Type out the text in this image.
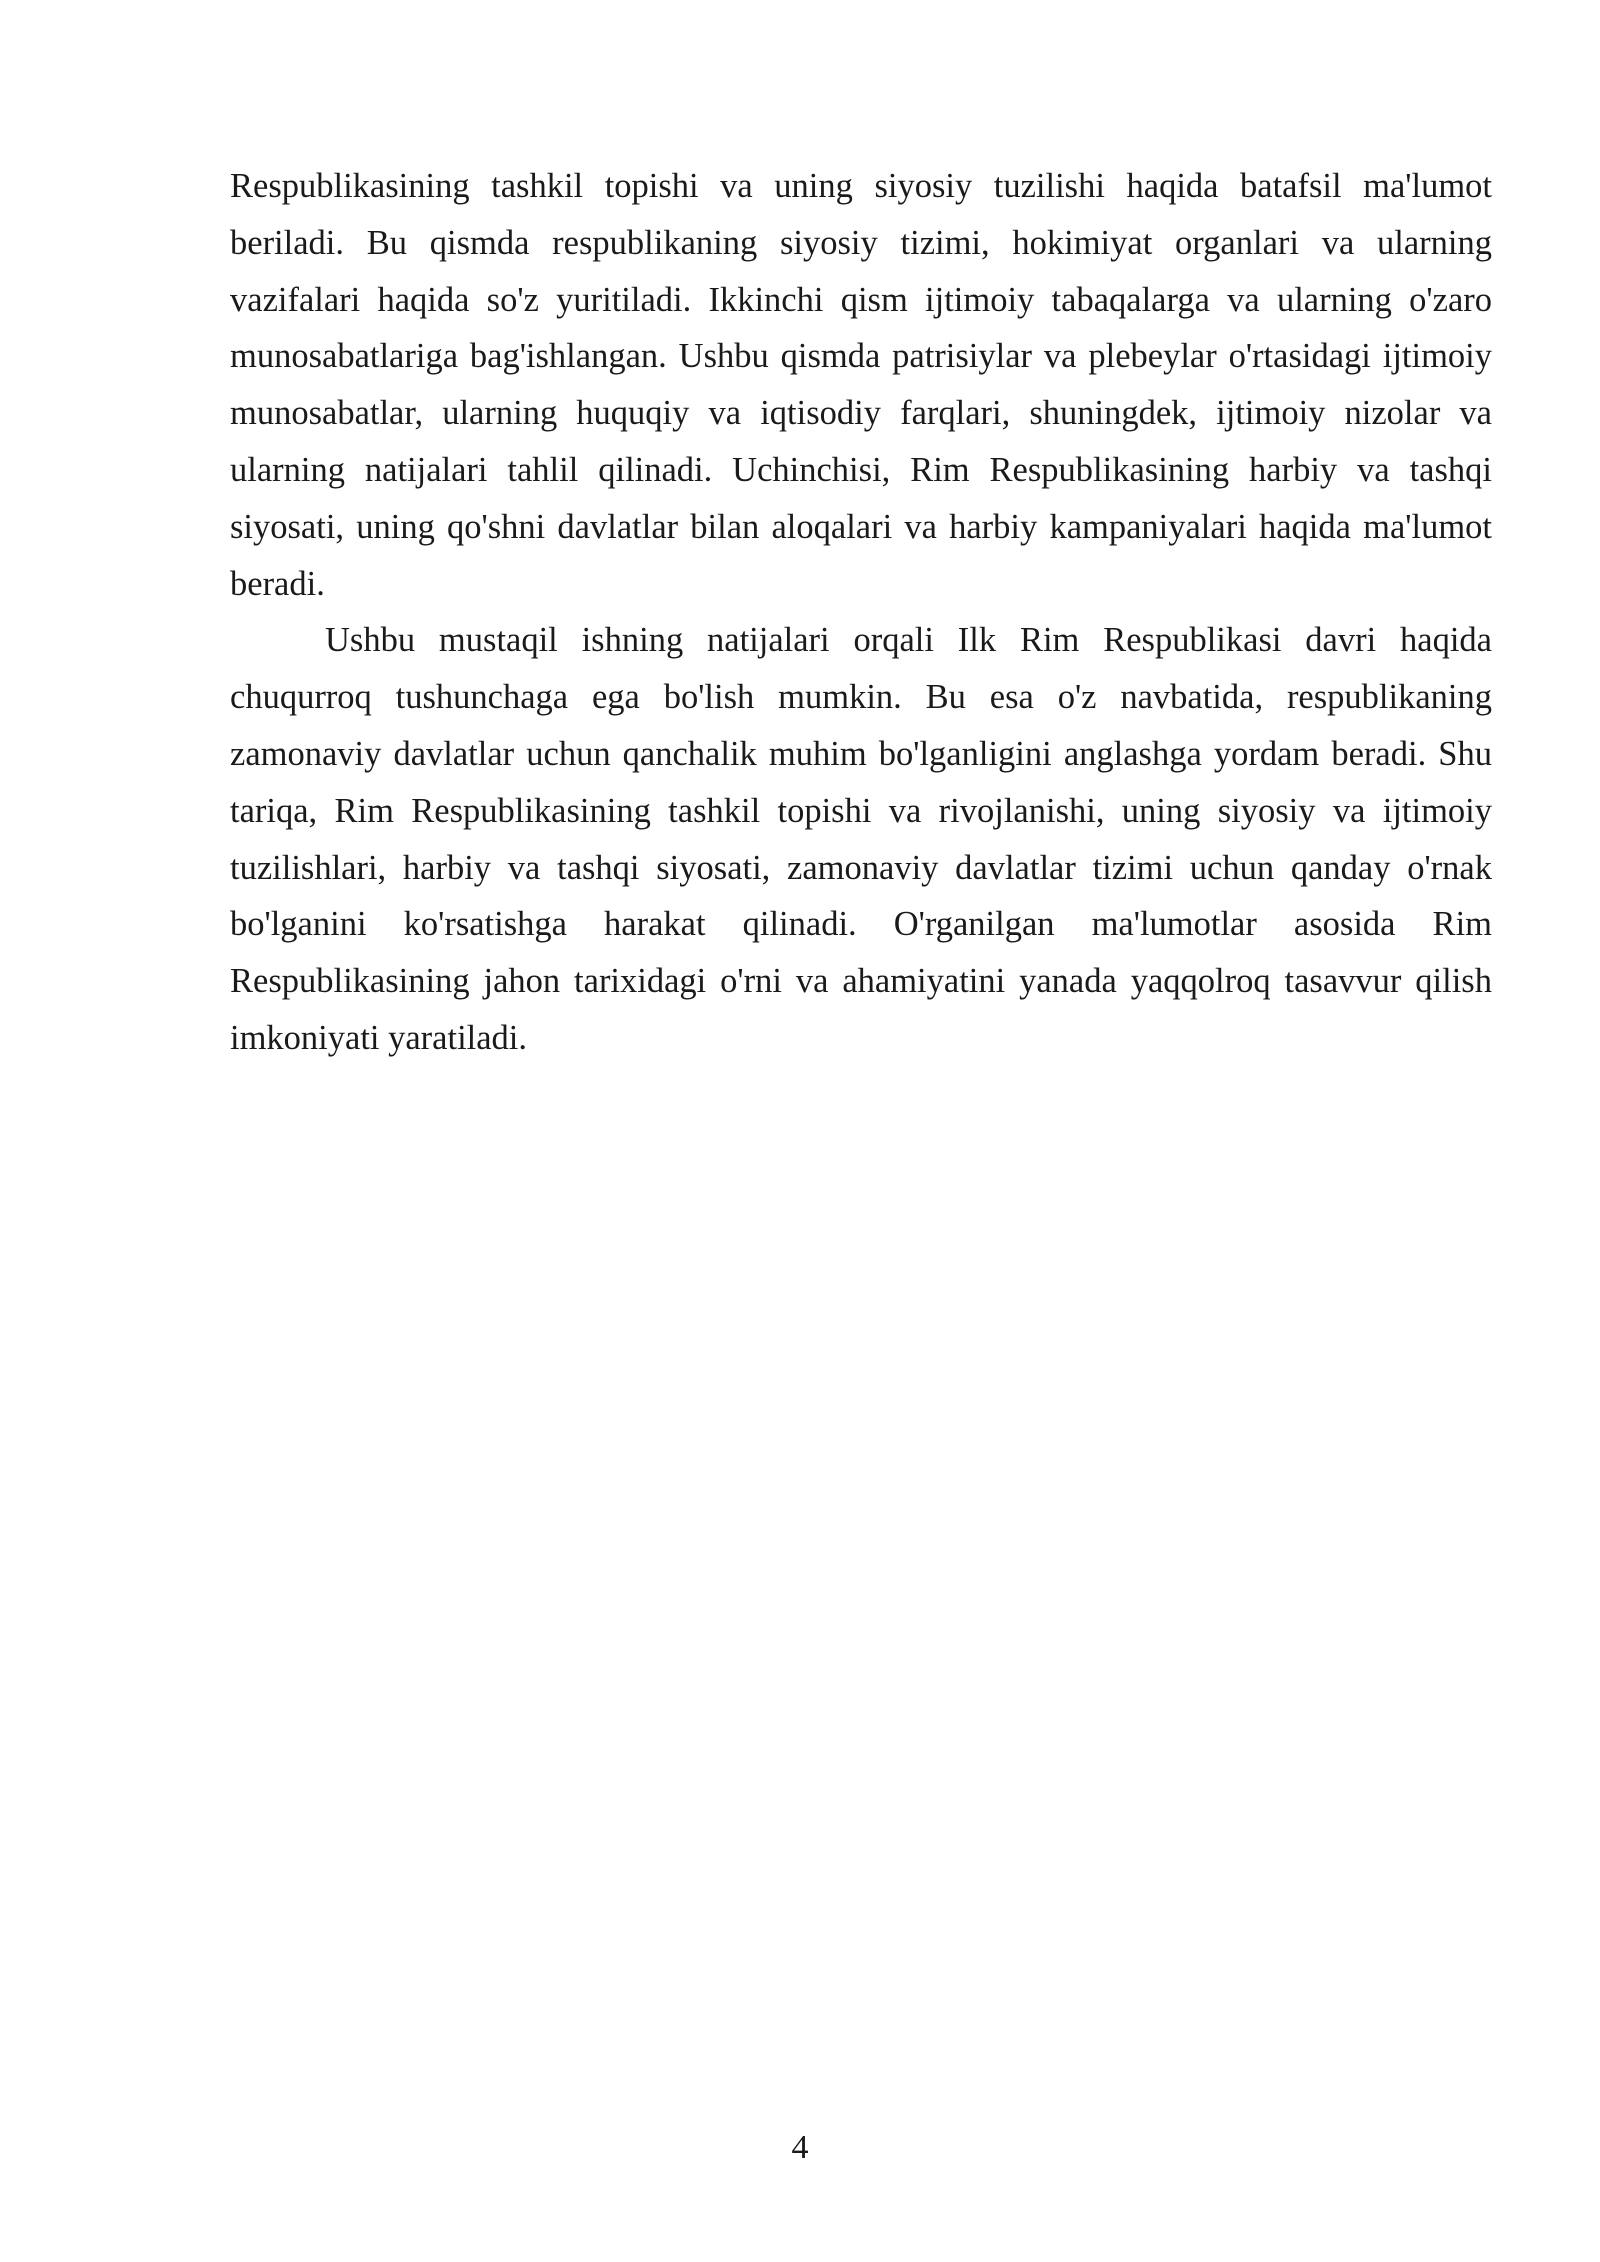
Respublikasining tashkil topishi va uning siyosiy tuzilishi haqida batafsil ma'lumot beriladi. Bu qismda respublikaning siyosiy tizimi, hokimiyat organlari va ularning vazifalari haqida so'z yuritiladi. Ikkinchi qism ijtimoiy tabaqalarga va ularning o'zaro munosabatlariga bag'ishlangan. Ushbu qismda patrisiylar va plebeylar o'rtasidagi ijtimoiy munosabatlar, ularning huquqiy va iqtisodiy farqlari, shuningdek, ijtimoiy nizolar va ularning natijalari tahlil qilinadi. Uchinchisi, Rim Respublikasining harbiy va tashqi siyosati, uning qo'shni davlatlar bilan aloqalari va harbiy kampaniyalari haqida ma'lumot beradi.

Ushbu mustaqil ishning natijalari orqali Ilk Rim Respublikasi davri haqida chuqurroq tushunchaga ega bo'lish mumkin. Bu esa o'z navbatida, respublikaning zamonaviy davlatlar uchun qanchalik muhim bo'lganligini anglashga yordam beradi. Shu tariqa, Rim Respublikasining tashkil topishi va rivojlanishi, uning siyosiy va ijtimoiy tuzilishlari, harbiy va tashqi siyosati, zamonaviy davlatlar tizimi uchun qanday o'rnak bo'lganini ko'rsatishga harakat qilinadi. O'rganilgan ma'lumotlar asosida Rim Respublikasining jahon tarixidagi o'rni va ahamiyatini yanada yaqqolroq tasavvur qilish imkoniyati yaratiladi.

4
